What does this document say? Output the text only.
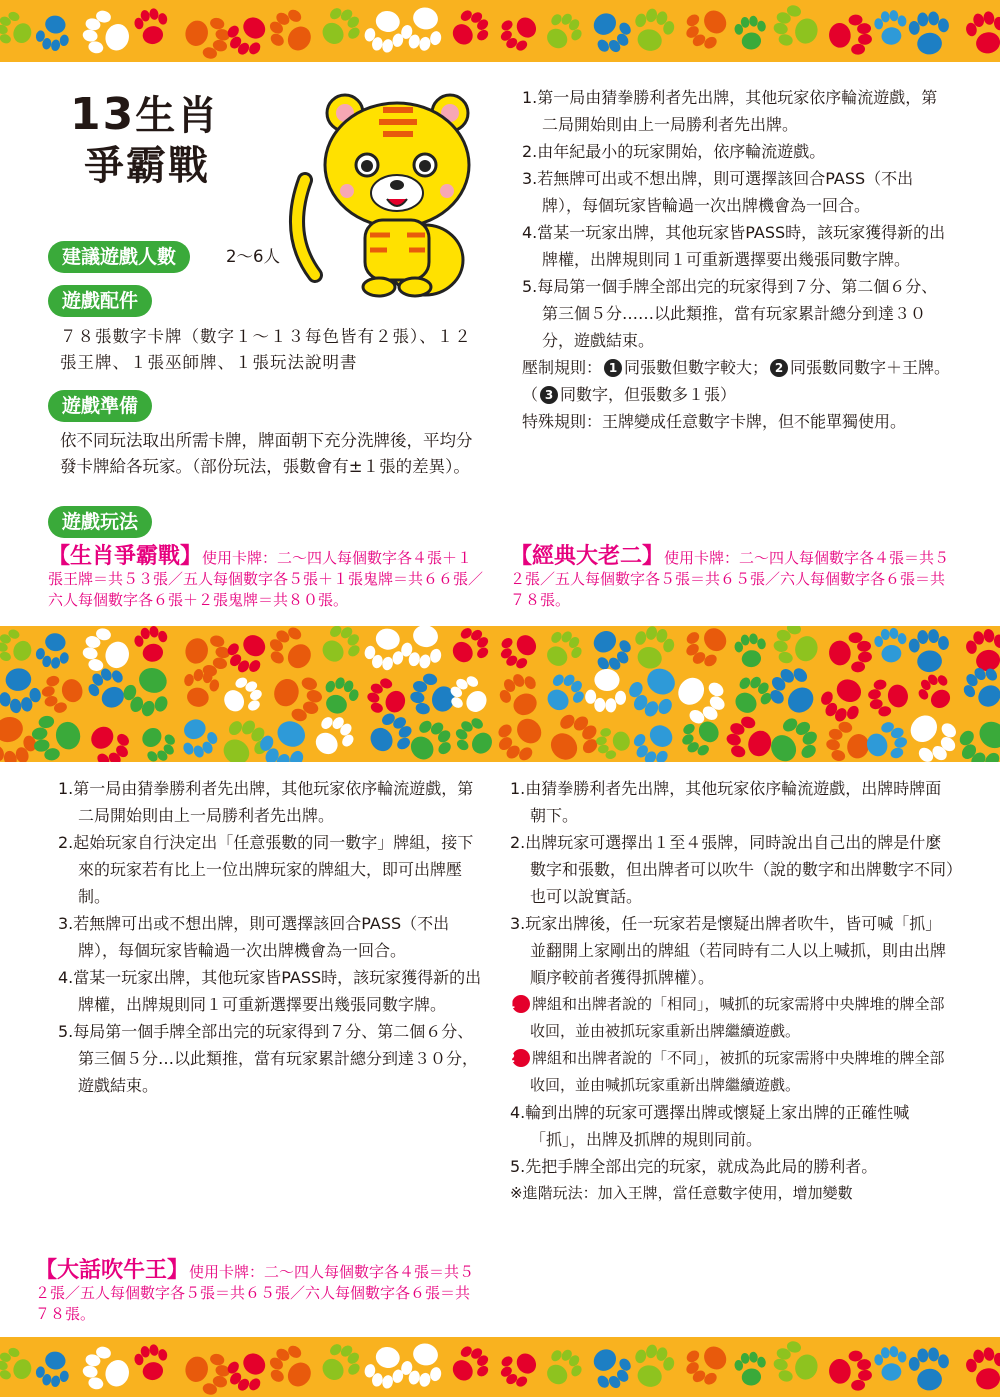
13生肖
爭霸戰
建議遊戲人數	2～6人
遊戲配件
７８張數字卡牌（數字１～１３每色皆有２張）、１２張王牌、１張巫師牌、１張玩法說明書
遊戲準備
依不同玩法取出所需卡牌，牌面朝下充分洗牌後，平均分發卡牌給各玩家。（部份玩法，張數會有±１張的差異）。
遊戲玩法
【生肖爭霸戰】使用卡牌：二～四人每個數字各４張＋１張王牌＝共５３張／五人每個數字各５張＋１張鬼牌＝共６６張／六人每個數字各６張＋２張鬼牌＝共８０張。
1.第一局由猜拳勝利者先出牌，其他玩家依序輪流遊戲，第二局開始則由上一局勝利者先出牌。
2.由年紀最小的玩家開始，依序輪流遊戲。
3.若無牌可出或不想出牌，則可選擇該回合PASS（不出牌），每個玩家皆輪過一次出牌機會為一回合。
4.當某一玩家出牌，其他玩家皆PASS時，該玩家獲得新的出牌權，出牌規則同１可重新選擇要出幾張同數字牌。
5.每局第一個手牌全部出完的玩家得到７分、第二個６分、第三個５分……以此類推，當有玩家累計總分到達３０分，遊戲結束。
壓制規則： 1 同張數但數字較大； 2 同張數同數字＋王牌。（ 3 同數字，但張數多１張）
特殊規則：王牌變成任意數字卡牌，但不能單獨使用。
【經典大老二】使用卡牌：二～四人每個數字各４張＝共５２張／五人每個數字各５張＝共６５張／六人每個數字各６張＝共７８張。
1.第一局由猜拳勝利者先出牌，其他玩家依序輪流遊戲，第二局開始則由上一局勝利者先出牌。
2.起始玩家自行決定出「任意張數的同一數字」牌組，接下來的玩家若有比上一位出牌玩家的牌組大，即可出牌壓制。
3.若無牌可出或不想出牌，則可選擇該回合PASS（不出牌），每個玩家皆輪過一次出牌機會為一回合。
4.當某一玩家出牌，其他玩家皆PASS時，該玩家獲得新的出牌權，出牌規則同１可重新選擇要出幾張同數字牌。
5.每局第一個手牌全部出完的玩家得到７分、第二個６分、第三個５分…以此類推，當有玩家累計總分到達３０分，遊戲結束。
【大話吹牛王】使用卡牌：二～四人每個數字各４張＝共５２張／五人每個數字各５張＝共６５張／六人每個數字各６張＝共７８張。
1.由猜拳勝利者先出牌，其他玩家依序輪流遊戲，出牌時牌面朝下。
2.出牌玩家可選擇出１至４張牌，同時說出自己出的牌是什麼數字和張數，但出牌者可以吹牛（說的數字和出牌數字不同）也可以說實話。
3.玩家出牌後，任一玩家若是懷疑出牌者吹牛，皆可喊「抓」並翻開上家剛出的牌組（若同時有二人以上喊抓，則由出牌順序較前者獲得抓牌權）。
1 牌組和出牌者說的「相同」，喊抓的玩家需將中央牌堆的牌全部收回，並由被抓玩家重新出牌繼續遊戲。
2 牌組和出牌者說的「不同」，被抓的玩家需將中央牌堆的牌全部收回，並由喊抓玩家重新出牌繼續遊戲。
4.輪到出牌的玩家可選擇出牌或懷疑上家出牌的正確性喊「抓」，出牌及抓牌的規則同前。
5.先把手牌全部出完的玩家，就成為此局的勝利者。
※進階玩法：加入王牌，當任意數字使用，增加變數
